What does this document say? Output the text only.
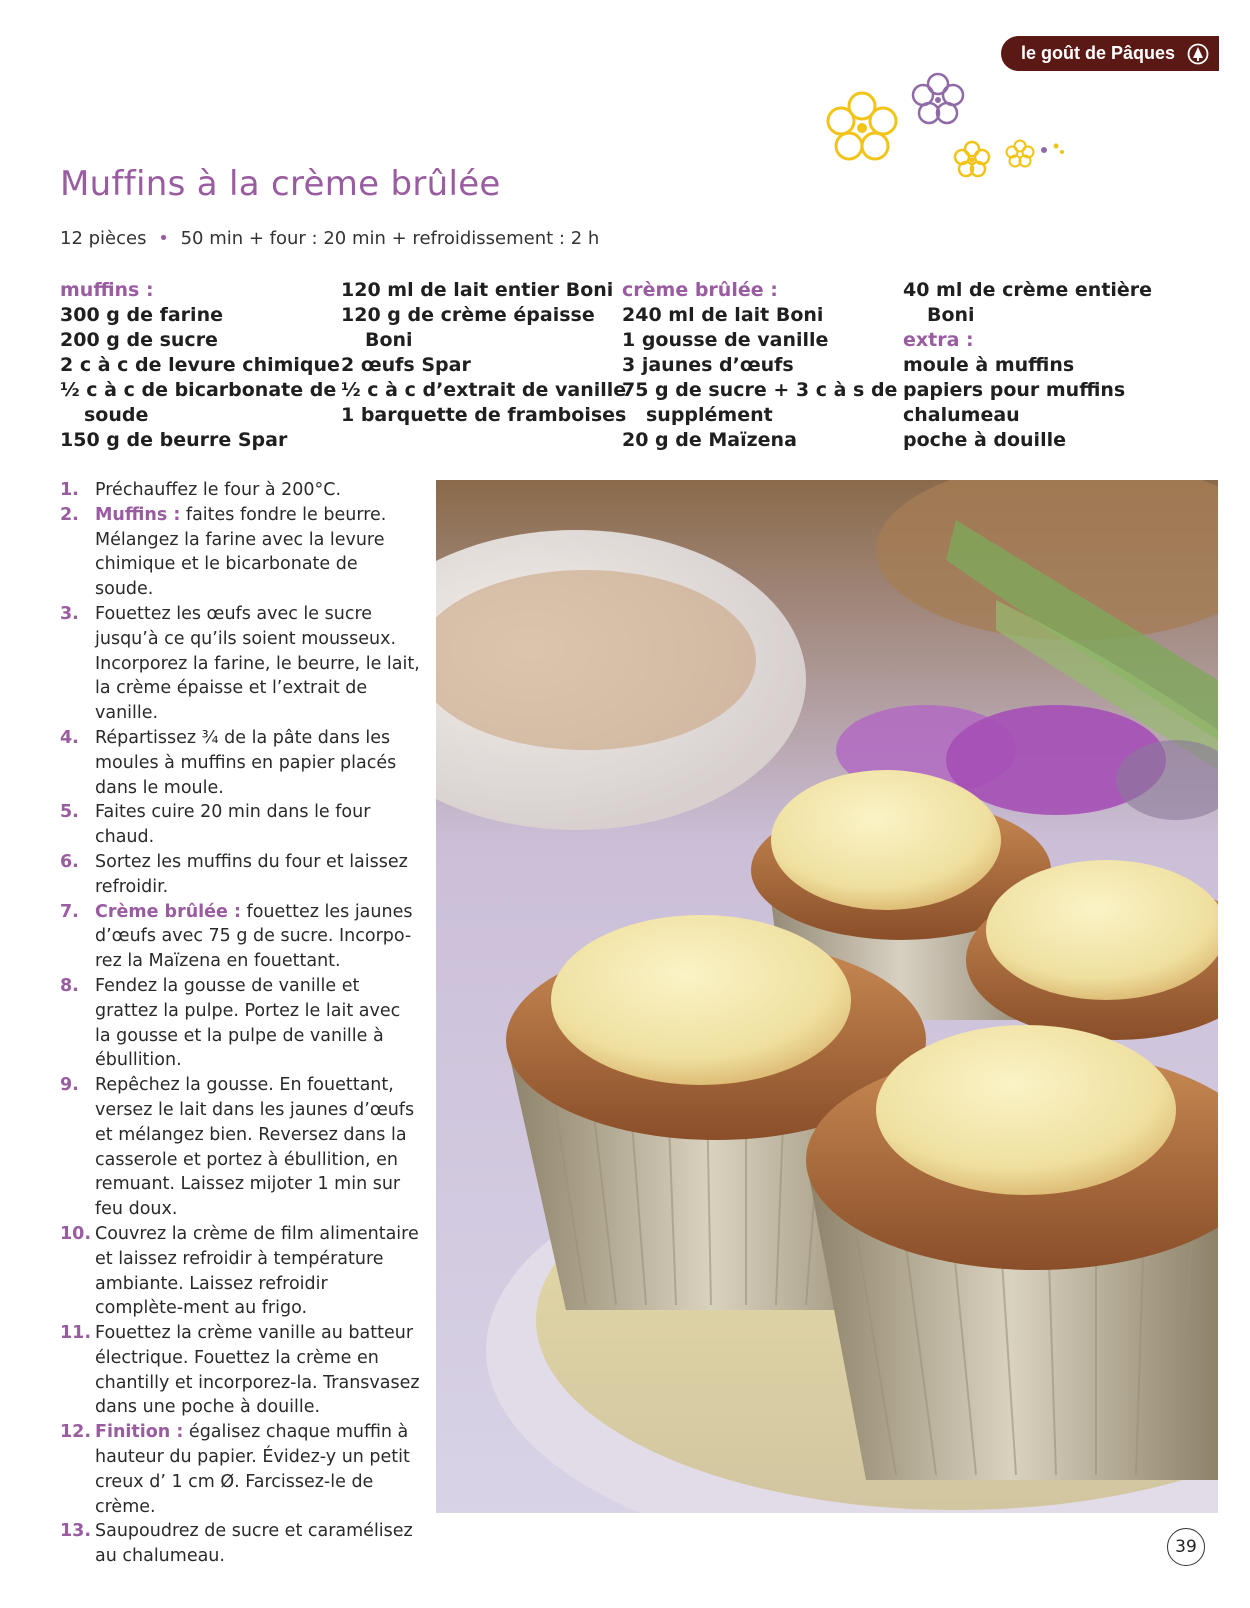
le goût de Pâques
Muffins à la crème brûlée
12 pièces • 50 min + four : 20 min + refroidissement : 2 h
muffins :
300 g de farine
200 g de sucre
2 c à c de levure chimique
½ c à c de bicarbonate de
soude
150 g de beurre Spar
120 ml de lait entier Boni
120 g de crème épaisse
Boni
2 œufs Spar
½ c à c d’extrait de vanille
1 barquette de framboises
crème brûlée :
240 ml de lait Boni
1 gousse de vanille
3 jaunes d’œufs
75 g de sucre + 3 c à s de
supplément
20 g de Maïzena
40 ml de crème entière
Boni
extra :
moule à muffins
papiers pour muffins
chalumeau
poche à douille
1. Préchauffez le four à 200°C.
2. Muffins : faites fondre le beurre. Mélangez la farine avec la levure chimique et le bicarbonate de soude.
3. Fouettez les œufs avec le sucre jusqu’à ce qu’ils soient mousseux. Incorporez la farine, le beurre, le lait, la crème épaisse et l’extrait de vanille.
4. Répartissez ¾ de la pâte dans les moules à muffins en papier placés dans le moule.
5. Faites cuire 20 min dans le four chaud.
6. Sortez les muffins du four et laissez refroidir.
7. Crème brûlée : fouettez les jaunes d’œufs avec 75 g de sucre. Incorpo-rez la Maïzena en fouettant.
8. Fendez la gousse de vanille et grattez la pulpe. Portez le lait avec la gousse et la pulpe de vanille à ébullition.
9. Repêchez la gousse. En fouettant, versez le lait dans les jaunes d’œufs et mélangez bien. Reversez dans la casserole et portez à ébullition, en remuant. Laissez mijoter 1 min sur feu doux.
10. Couvrez la crème de film alimentaire et laissez refroidir à température ambiante. Laissez refroidir complète-ment au frigo.
11. Fouettez la crème vanille au batteur électrique. Fouettez la crème en chantilly et incorporez-la. Transvasez dans une poche à douille.
12. Finition : égalisez chaque muffin à hauteur du papier. Évidez-y un petit creux d’ 1 cm Ø. Farcissez-le de crème.
13. Saupoudrez de sucre et caramélisez au chalumeau.	39
